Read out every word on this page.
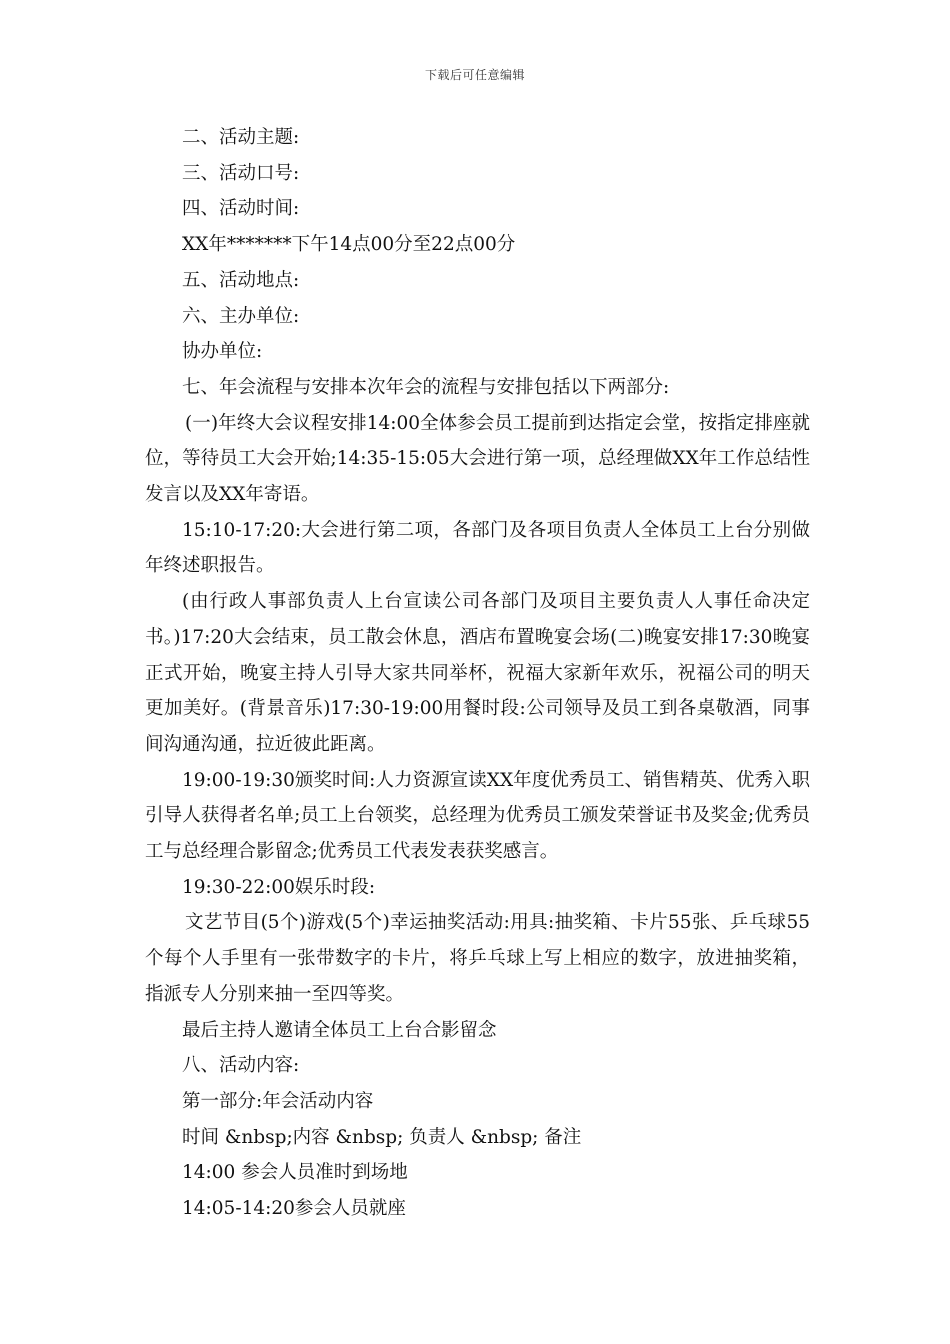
下载后可任意编辑

二、活动主题:

三、活动口号:

四、活动时间:

XX年*******下午14点00分至22点00分

五、活动地点:

六、主办单位:

协办单位:

七、年会流程与安排本次年会的流程与安排包括以下两部分:

(一)年终大会议程安排14:00全体参会员工提前到达指定会堂，按指定排座就位，等待员工大会开始;14:35-15:05大会进行第一项，总经理做XX年工作总结性发言以及XX年寄语。

15:10-17:20:大会进行第二项，各部门及各项目负责人全体员工上台分别做年终述职报告。

(由行政人事部负责人上台宣读公司各部门及项目主要负责人人事任命决定书。)17:20大会结束，员工散会休息，酒店布置晚宴会场(二)晚宴安排17:30晚宴正式开始，晚宴主持人引导大家共同举杯，祝福大家新年欢乐，祝福公司的明天更加美好。(背景音乐)17:30-19:00用餐时段:公司领导及员工到各桌敬酒，同事间沟通沟通，拉近彼此距离。

19:00-19:30颁奖时间:人力资源宣读XX年度优秀员工、销售精英、优秀入职引导人获得者名单;员工上台领奖，总经理为优秀员工颁发荣誉证书及奖金;优秀员工与总经理合影留念;优秀员工代表发表获奖感言。

19:30-22:00娱乐时段:

文艺节目(5个)游戏(5个)幸运抽奖活动:用具:抽奖箱、卡片55张、乒乓球55个每个人手里有一张带数字的卡片，将乒乓球上写上相应的数字，放进抽奖箱，指派专人分别来抽一至四等奖。

最后主持人邀请全体员工上台合影留念

八、活动内容:

第一部分:年会活动内容

时间 &nbsp;内容 &nbsp; 负责人 &nbsp; 备注

14:00 参会人员准时到场地

14:05-14:20参会人员就座
